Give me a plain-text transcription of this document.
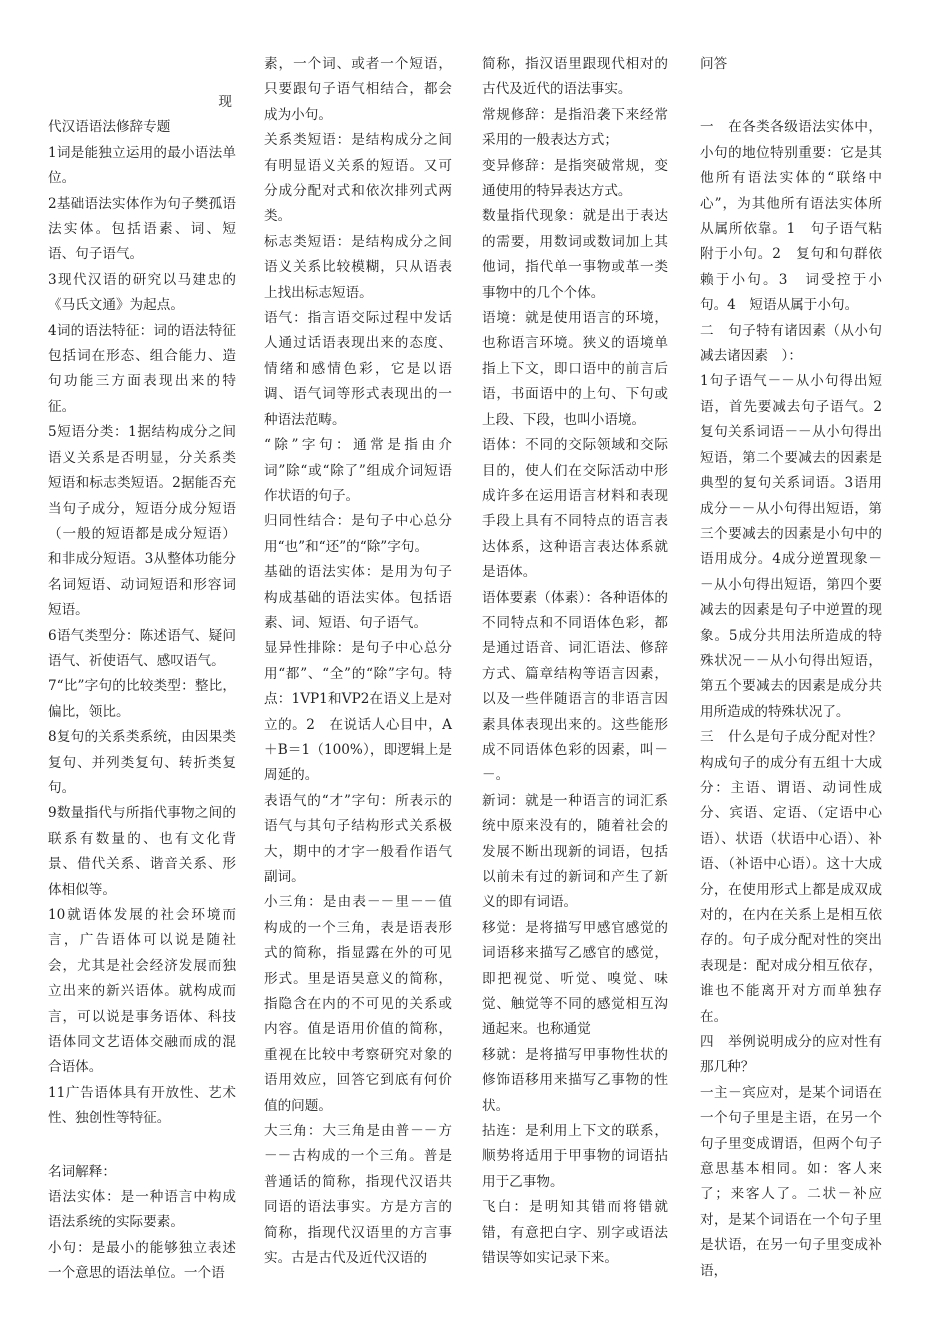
现

代汉语语法修辞专题

1词是能独立运用的最小语法单位。

2基础语法实体作为句子樊孤语法实体。包括语素、词、短语、句子语气。

3现代汉语的研究以马建忠的《马氏文通》为起点。

4词的语法特征：词的语法特征包括词在形态、组合能力、造句功能三方面表现出来的特征。

5短语分类：1据结构成分之间语义关系是否明显，分关系类短语和标志类短语。2据能否充当句子成分，短语分成分短语（一般的短语都是成分短语）和非成分短语。3从整体功能分名词短语、动词短语和形容词短语。

6语气类型分：陈述语气、疑问语气、祈使语气、感叹语气。

7“比”字句的比较类型：整比，偏比，领比。

8复句的关系类系统，由因果类复句、并列类复句、转折类复句。

9数量指代与所指代事物之间的联系有数量的、也有文化背景、借代关系、谐音关系、形体相似等。

10就语体发展的社会环境而言，广告语体可以说是随社会，尤其是社会经济发展而独立出来的新兴语体。就构成而言，可以说是事务语体、科技语体同文艺语体交融而成的混合语体。

11广告语体具有开放性、艺术性、独创性等特征。

名词解释：

语法实体：是一种语言中构成语法系统的实际要素。

小句：是最小的能够独立表述一个意思的语法单位。一个语

素，一个词、或者一个短语，只要跟句子语气相结合，都会成为小句。

关系类短语：是结构成分之间有明显语义关系的短语。又可分成分配对式和依次排列式两类。

标志类短语：是结构成分之间语义关系比较模糊，只从语表上找出标志短语。

语气：指言语交际过程中发话人通过话语表现出来的态度、情绪和感情色彩，它是以语调、语气词等形式表现出的一种语法范畴。

“除”字句：通常是指由介词”除“或“除了”组成介词短语作状语的句子。

归同性结合：是句子中心总分用“也”和“还”的“除”字句。

基础的语法实体：是用为句子构成基础的语法实体。包括语素、词、短语、句子语气。

显异性排除：是句子中心总分用“都”、“全”的“除”字句。特点：1VP1和VP2在语义上是对立的。2　在说话人心目中，A＋B＝1（100%），即逻辑上是周延的。

表语气的“才”字句：所表示的语气与其句子结构形式关系极大，期中的才字一般看作语气副词。

小三角：是由表－－里－－值构成的一个三角，表是语表形式的简称，指显露在外的可见形式。里是语昊意义的简称，指隐含在内的不可见的关系或内容。值是语用价值的简称，重视在比较中考察研究对象的语用效应，回答它到底有何价值的问题。

大三角：大三角是由普－－方－－古构成的一个三角。普是普通话的简称，指现代汉语共同语的语法事实。方是方言的简称，指现代汉语里的方言事实。古是古代及近代汉语的

简称，指汉语里跟现代相对的古代及近代的语法事实。

常规修辞：是指沿袭下来经常采用的一般表达方式；

变异修辞：是指突破常规，变通使用的特异表达方式。

数量指代现象：就是出于表达的需要，用数词或数词加上其他词，指代单一事物或革一类事物中的几个个体。

语境：就是使用语言的环境，也称语言环境。狭义的语境单指上下文，即口语中的前言后语，书面语中的上句、下句或上段、下段，也叫小语境。

语体：不同的交际领域和交际目的，使人们在交际活动中形成许多在运用语言材料和表现手段上具有不同特点的语言表达体系，这种语言表达体系就是语体。

语体要素（体素）：各种语体的不同特点和不同语体色彩，都是通过语音、词汇语法、修辞方式、篇章结构等语言因素，以及一些伴随语言的非语言因素具体表现出来的。这些能形成不同语体色彩的因素，叫－－。

新词：就是一种语言的词汇系统中原来没有的，随着社会的发展不断出现新的词语，包括以前未有过的新词和产生了新义的即有词语。

移觉：是将描写甲感官感觉的词语移来描写乙感官的感觉，即把视觉、听觉、嗅觉、味觉、触觉等不同的感觉相互沟通起来。也称通觉

移就：是将描写甲事物性状的修饰语移用来描写乙事物的性状。

拈连：是利用上下文的联系，顺势将适用于甲事物的词语拈用于乙事物。

飞白：是明知其错而将错就错，有意把白字、别字或语法错误等如实记录下来。

问答

一　在各类各级语法实体中，小句的地位特别重要：它是其他所有语法实体的“联络中心”，为其他所有语法实体所从属所依靠。1　句子语气粘附于小句。2　复句和句群依赖于小句。3　词受控于小句。4　短语从属于小句。

二　句子特有诸因素（从小句减去诸因素　）：

1句子语气－－从小句得出短语，首先要减去句子语气。2复句关系词语－－从小句得出短语，第二个要减去的因素是典型的复句关系词语。3语用成分－－从小句得出短语，第三个要减去的因素是小句中的语用成分。4成分逆置现象－－从小句得出短语，第四个要减去的因素是句子中逆置的现象。5成分共用法所造成的特殊状况－－从小句得出短语，第五个要减去的因素是成分共用所造成的特殊状况了。

三　什么是句子成分配对性？构成句子的成分有五组十大成分：主语、谓语、动词性成分、宾语、定语、（定语中心语）、状语（状语中心语）、补语、（补语中心语）。这十大成分，在使用形式上都是成双成对的，在内在关系上是相互依存的。句子成分配对性的突出表现是：配对成分相互依存，谁也不能离开对方而单独存在。

四　举例说明成分的应对性有那几种？

一主－宾应对，是某个词语在一个句子里是主语，在另一个句子里变成谓语，但两个句子意思基本相同。如：客人来了；来客人了。二状－补应对，是某个词语在一个句子里是状语，在另一句子里变成补语，
